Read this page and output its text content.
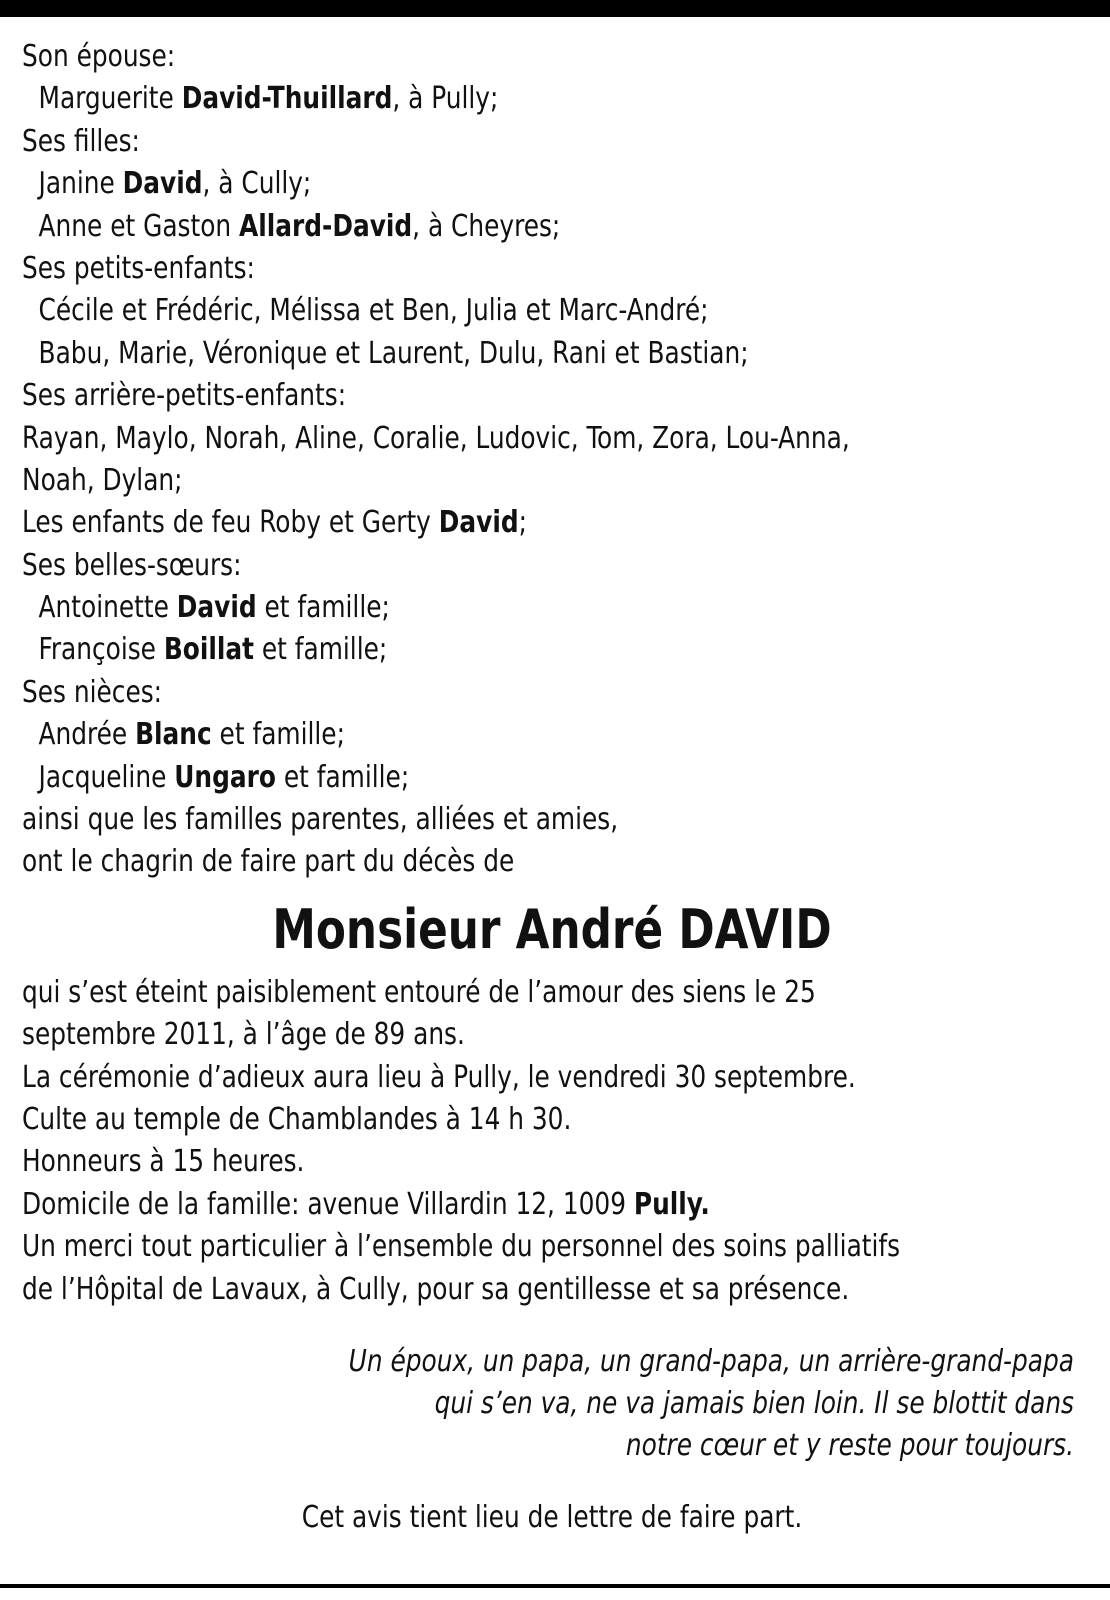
Son épouse:
Marguerite David-Thuillard, à Pully;
Ses filles:
Janine David, à Cully;
Anne et Gaston Allard-David, à Cheyres;
Ses petits-enfants:
Cécile et Frédéric, Mélissa et Ben, Julia et Marc-André;
Babu, Marie, Véronique et Laurent, Dulu, Rani et Bastian;
Ses arrière-petits-enfants:
Rayan, Maylo, Norah, Aline, Coralie, Ludovic, Tom, Zora, Lou-Anna,
Noah, Dylan;
Les enfants de feu Roby et Gerty David;
Ses belles-sœurs:
Antoinette David et famille;
Françoise Boillat et famille;
Ses nièces:
Andrée Blanc et famille;
Jacqueline Ungaro et famille;
ainsi que les familles parentes, alliées et amies,
ont le chagrin de faire part du décès de
Monsieur André DAVID
qui s’est éteint paisiblement entouré de l’amour des siens le 25
septembre 2011, à l’âge de 89 ans.
La cérémonie d’adieux aura lieu à Pully, le vendredi 30 septembre.
Culte au temple de Chamblandes à 14 h 30.
Honneurs à 15 heures.
Domicile de la famille: avenue Villardin 12, 1009 Pully.
Un merci tout particulier à l’ensemble du personnel des soins palliatifs
de l’Hôpital de Lavaux, à Cully, pour sa gentillesse et sa présence.
Un époux, un papa, un grand-papa, un arrière-grand-papa
qui s’en va, ne va jamais bien loin. Il se blottit dans
notre cœur et y reste pour toujours.
Cet avis tient lieu de lettre de faire part.
